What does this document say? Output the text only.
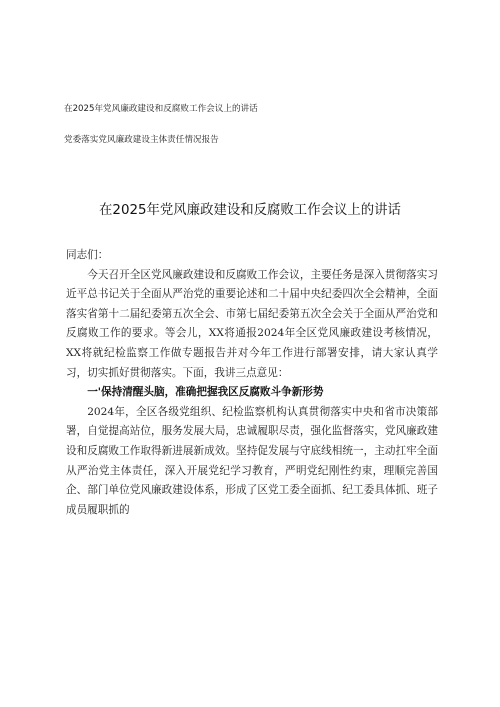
在2025年党风廉政建设和反腐败工作会议上的讲话
党委落实党风廉政建设主体责任情况报告
在2025年党风廉政建设和反腐败工作会议上的讲话

同志们：

今天召开全区党风廉政建设和反腐败工作会议，主要任务是深入贯彻落实习近平总书记关于全面从严治党的重要论述和二十届中央纪委四次全会精神，全面落实省第十二届纪委第五次全会、市第七届纪委第五次全会关于全面从严治党和反腐败工作的要求。等会儿，XX将通报2024年全区党风廉政建设考核情况，XX将就纪检监察工作做专题报告并对今年工作进行部署安排，请大家认真学习，切实抓好贯彻落实。下面，我讲三点意见：

一'保持清醒头脑，准确把握我区反腐败斗争新形势

2024年，全区各级党组织、纪检监察机构认真贯彻落实中央和省市决策部署，自觉提高站位，服务发展大局，忠诚履职尽责，强化监督落实，党风廉政建设和反腐败工作取得新进展新成效。坚持促发展与守底线相统一，主动扛牢全面从严治党主体责任，深入开展党纪学习教育，严明党纪刚性约束，理顺完善国企、部门单位党风廉政建设体系，形成了区党工委全面抓、纪工委具体抓、班子成员履职抓的
